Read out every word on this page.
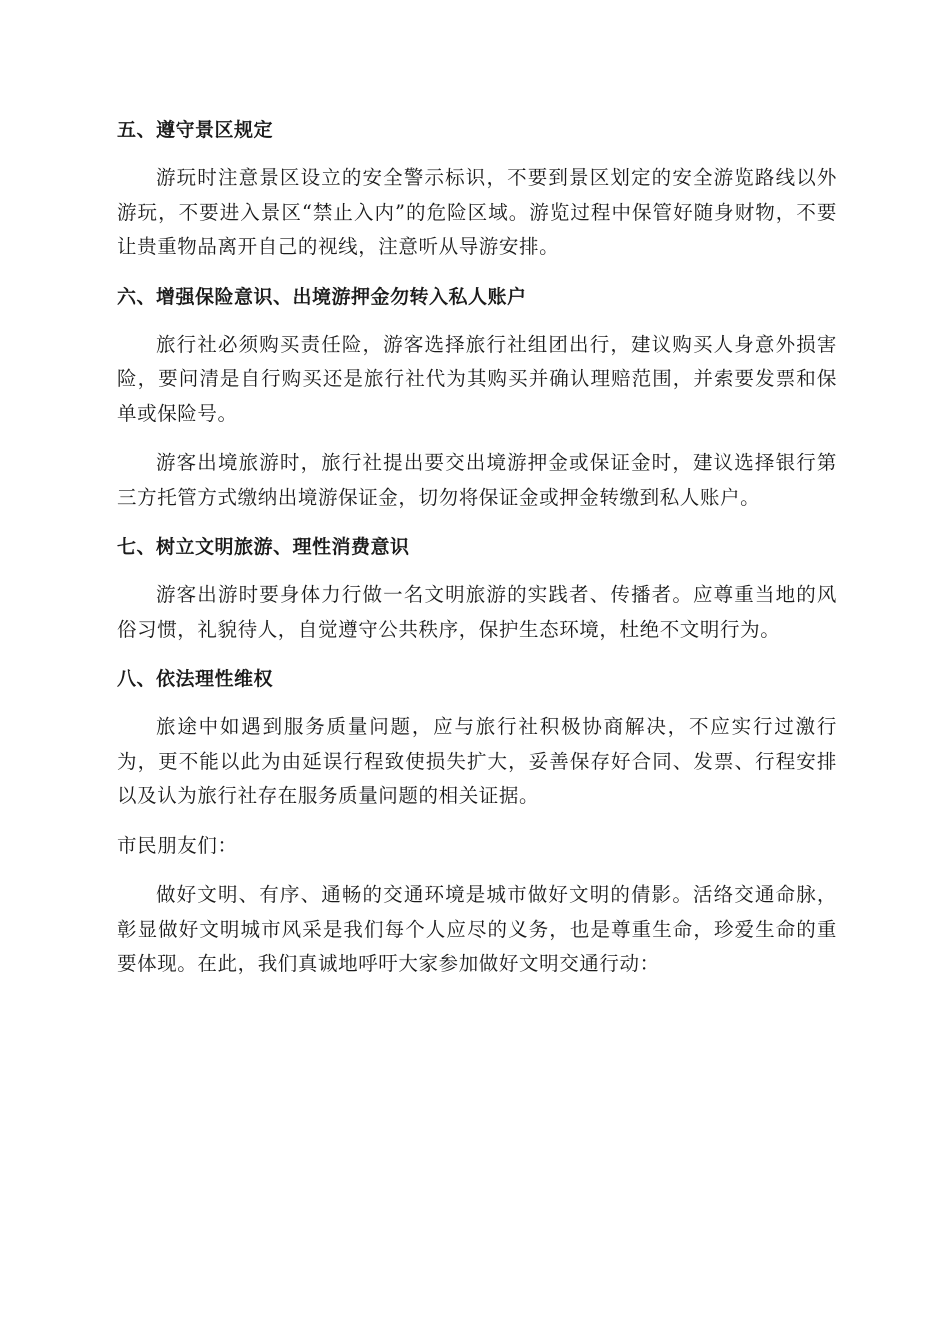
五、遵守景区规定

游玩时注意景区设立的安全警示标识，不要到景区划定的安全游览路线以外游玩，不要进入景区“禁止入内”的危险区域。游览过程中保管好随身财物，不要让贵重物品离开自己的视线，注意听从导游安排。

六、增强保险意识、出境游押金勿转入私人账户

旅行社必须购买责任险，游客选择旅行社组团出行，建议购买人身意外损害险，要问清是自行购买还是旅行社代为其购买并确认理赔范围，并索要发票和保单或保险号。

游客出境旅游时，旅行社提出要交出境游押金或保证金时，建议选择银行第三方托管方式缴纳出境游保证金，切勿将保证金或押金转缴到私人账户。

七、树立文明旅游、理性消费意识

游客出游时要身体力行做一名文明旅游的实践者、传播者。应尊重当地的风俗习惯，礼貌待人，自觉遵守公共秩序，保护生态环境，杜绝不文明行为。

八、依法理性维权

旅途中如遇到服务质量问题，应与旅行社积极协商解决，不应实行过激行为，更不能以此为由延误行程致使损失扩大，妥善保存好合同、发票、行程安排以及认为旅行社存在服务质量问题的相关证据。

市民朋友们：

做好文明、有序、通畅的交通环境是城市做好文明的倩影。活络交通命脉，彰显做好文明城市风采是我们每个人应尽的义务，也是尊重生命，珍爱生命的重要体现。在此，我们真诚地呼吁大家参加做好文明交通行动：
